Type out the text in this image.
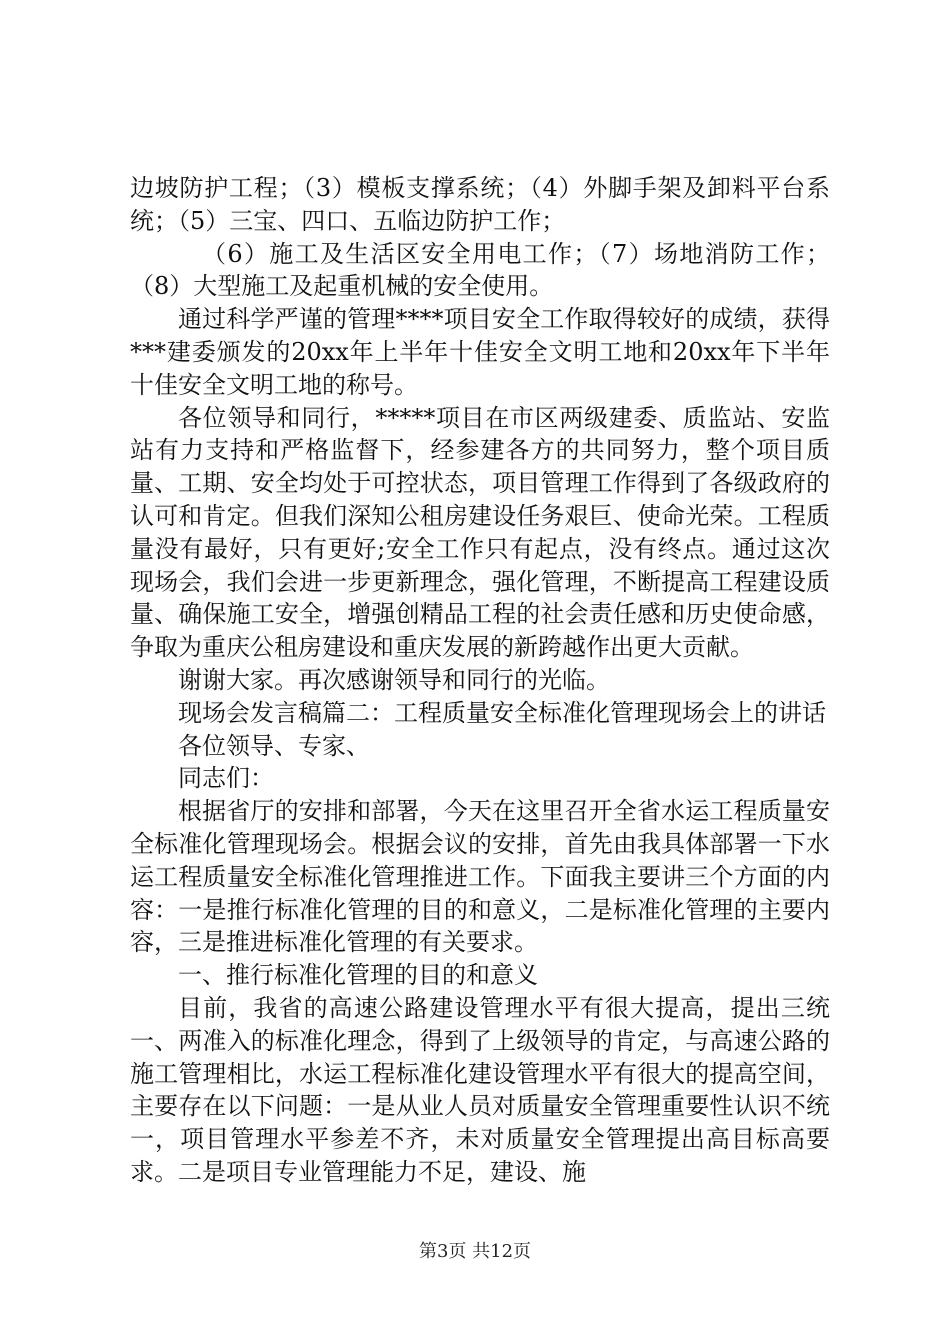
边坡防护工程；（3）模板支撑系统；（4）外脚手架及卸料平台系统；（5）三宝、四口、五临边防护工作；

（6）施工及生活区安全用电工作；（7）场地消防工作；（8）大型施工及起重机械的安全使用。

通过科学严谨的管理****项目安全工作取得较好的成绩，获得***建委颁发的20xx年上半年十佳安全文明工地和20xx年下半年十佳安全文明工地的称号。

各位领导和同行，*****项目在市区两级建委、质监站、安监站有力支持和严格监督下，经参建各方的共同努力，整个项目质量、工期、安全均处于可控状态，项目管理工作得到了各级政府的认可和肯定。但我们深知公租房建设任务艰巨、使命光荣。工程质量没有最好，只有更好;安全工作只有起点，没有终点。通过这次现场会，我们会进一步更新理念，强化管理，不断提高工程建设质量、确保施工安全，增强创精品工程的社会责任感和历史使命感，争取为重庆公租房建设和重庆发展的新跨越作出更大贡献。

谢谢大家。再次感谢领导和同行的光临。

现场会发言稿篇二：工程质量安全标准化管理现场会上的讲话

各位领导、专家、

同志们：

根据省厅的安排和部署，今天在这里召开全省水运工程质量安全标准化管理现场会。根据会议的安排，首先由我具体部署一下水运工程质量安全标准化管理推进工作。下面我主要讲三个方面的内容：一是推行标准化管理的目的和意义，二是标准化管理的主要内容，三是推进标准化管理的有关要求。

一、推行标准化管理的目的和意义

目前，我省的高速公路建设管理水平有很大提高，提出三统一、两准入的标准化理念，得到了上级领导的肯定，与高速公路的施工管理相比，水运工程标准化建设管理水平有很大的提高空间，主要存在以下问题：一是从业人员对质量安全管理重要性认识不统一，项目管理水平参差不齐，未对质量安全管理提出高目标高要求。二是项目专业管理能力不足，建设、施

第3页 共12页
